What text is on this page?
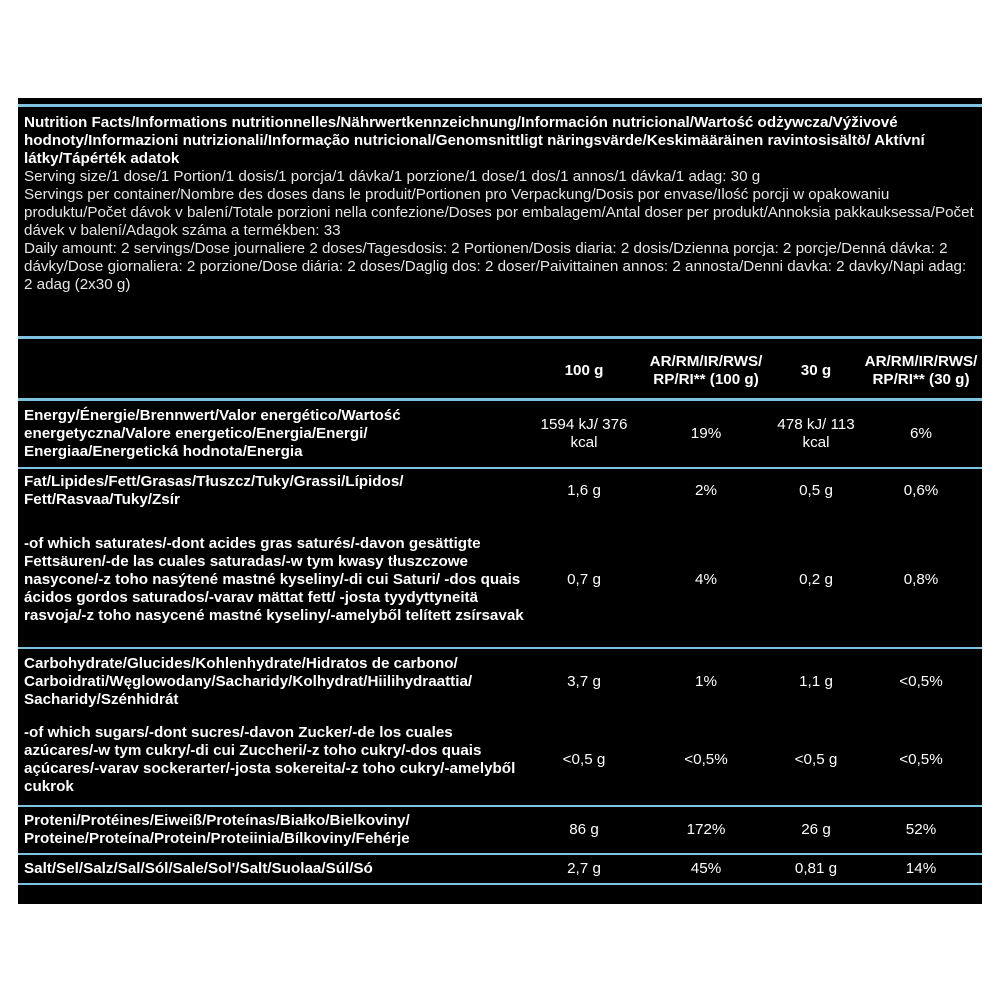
Nutrition Facts/Informations nutritionnelles/Nährwertkennzeichnung/Información nutricional/Wartość odżywcza/Výživové hodnoty/Informazioni nutrizionali/Informação nutricional/Genomsnittligt näringsvärde/Keskimääräinen ravintosisältö/ Aktívní látky/Tápérték adatok
Serving size/1 dose/1 Portion/1 dosis/1 porcja/1 dávka/1 porzione/1 dose/1 dos/1 annos/1 dávka/1 adag: 30 g
Servings per container/Nombre des doses dans le produit/Portionen pro Verpackung/Dosis por envase/Ilość porcji w opakowaniu produktu/Počet dávok v balení/Totale porzioni nella confezione/Doses por embalagem/Antal doser per produkt/Annoksia pakkauksessa/Počet dávek v balení/Adagok száma a termékben: 33
Daily amount: 2 servings/Dose journaliere 2 doses/Tagesdosis: 2 Portionen/Dosis diaria: 2 dosis/Dzienna porcja: 2 porcje/Denná dávka: 2 dávky/Dose giornaliera: 2 porzione/Dose diária: 2 doses/Daglig dos: 2 doser/Paivittainen annos: 2 annosta/Denni davka: 2 davky/Napi adag: 2 adag (2x30 g)
	100 g	AR/RM/IR/RWS/ RP/RI** (100 g)	30 g	AR/RM/IR/RWS/ RP/RI** (30 g)
Energy/Énergie/Brennwert/Valor energético/Wartość energetyczna/Valore energetico/Energia/Energi/ Energiaa/Energetická hodnota/Energia	1594 kJ/ 376 kcal	19%	478 kJ/ 113 kcal	6%
Fat/Lipides/Fett/Grasas/Tłuszcz/Tuky/Grassi/Lípidos/ Fett/Rasvaa/Tuky/Zsír	1,6 g	2%	0,5 g	0,6%
-of which saturates/-dont acides gras saturés/-davon gesättigte Fettsäuren/-de las cuales saturadas/-w tym kwasy tłuszczowe nasycone/-z toho nasýtené mastné kyseliny/-di cui Saturi/ -dos quais ácidos gordos saturados/-varav mättat fett/ -josta tyydyttyneitä rasvoja/-z toho nasycené mastné kyseliny/-amelyből telített zsírsavak	0,7 g	4%	0,2 g	0,8%
Carbohydrate/Glucides/Kohlenhydrate/Hidratos de carbono/ Carboidrati/Węglowodany/Sacharidy/Kolhydrat/Hiilihydraattia/ Sacharidy/Szénhidrát	3,7 g	1%	1,1 g	<0,5%
-of which sugars/-dont sucres/-davon Zucker/-de los cuales azúcares/-w tym cukry/-di cui Zuccheri/-z toho cukry/-dos quais açúcares/-varav sockerarter/-josta sokereita/-z toho cukry/-amelyből cukrok	<0,5 g	<0,5%	<0,5 g	<0,5%
Proteni/Protéines/Eiweiß/Proteínas/Białko/Bielkoviny/ Proteine/Proteína/Protein/Proteiinia/Bílkoviny/Fehérje	86 g	172%	26 g	52%
Salt/Sel/Salz/Sal/Sól/Sale/Sol'/Salt/Suolaa/Súl/Só	2,7 g	45%	0,81 g	14%
